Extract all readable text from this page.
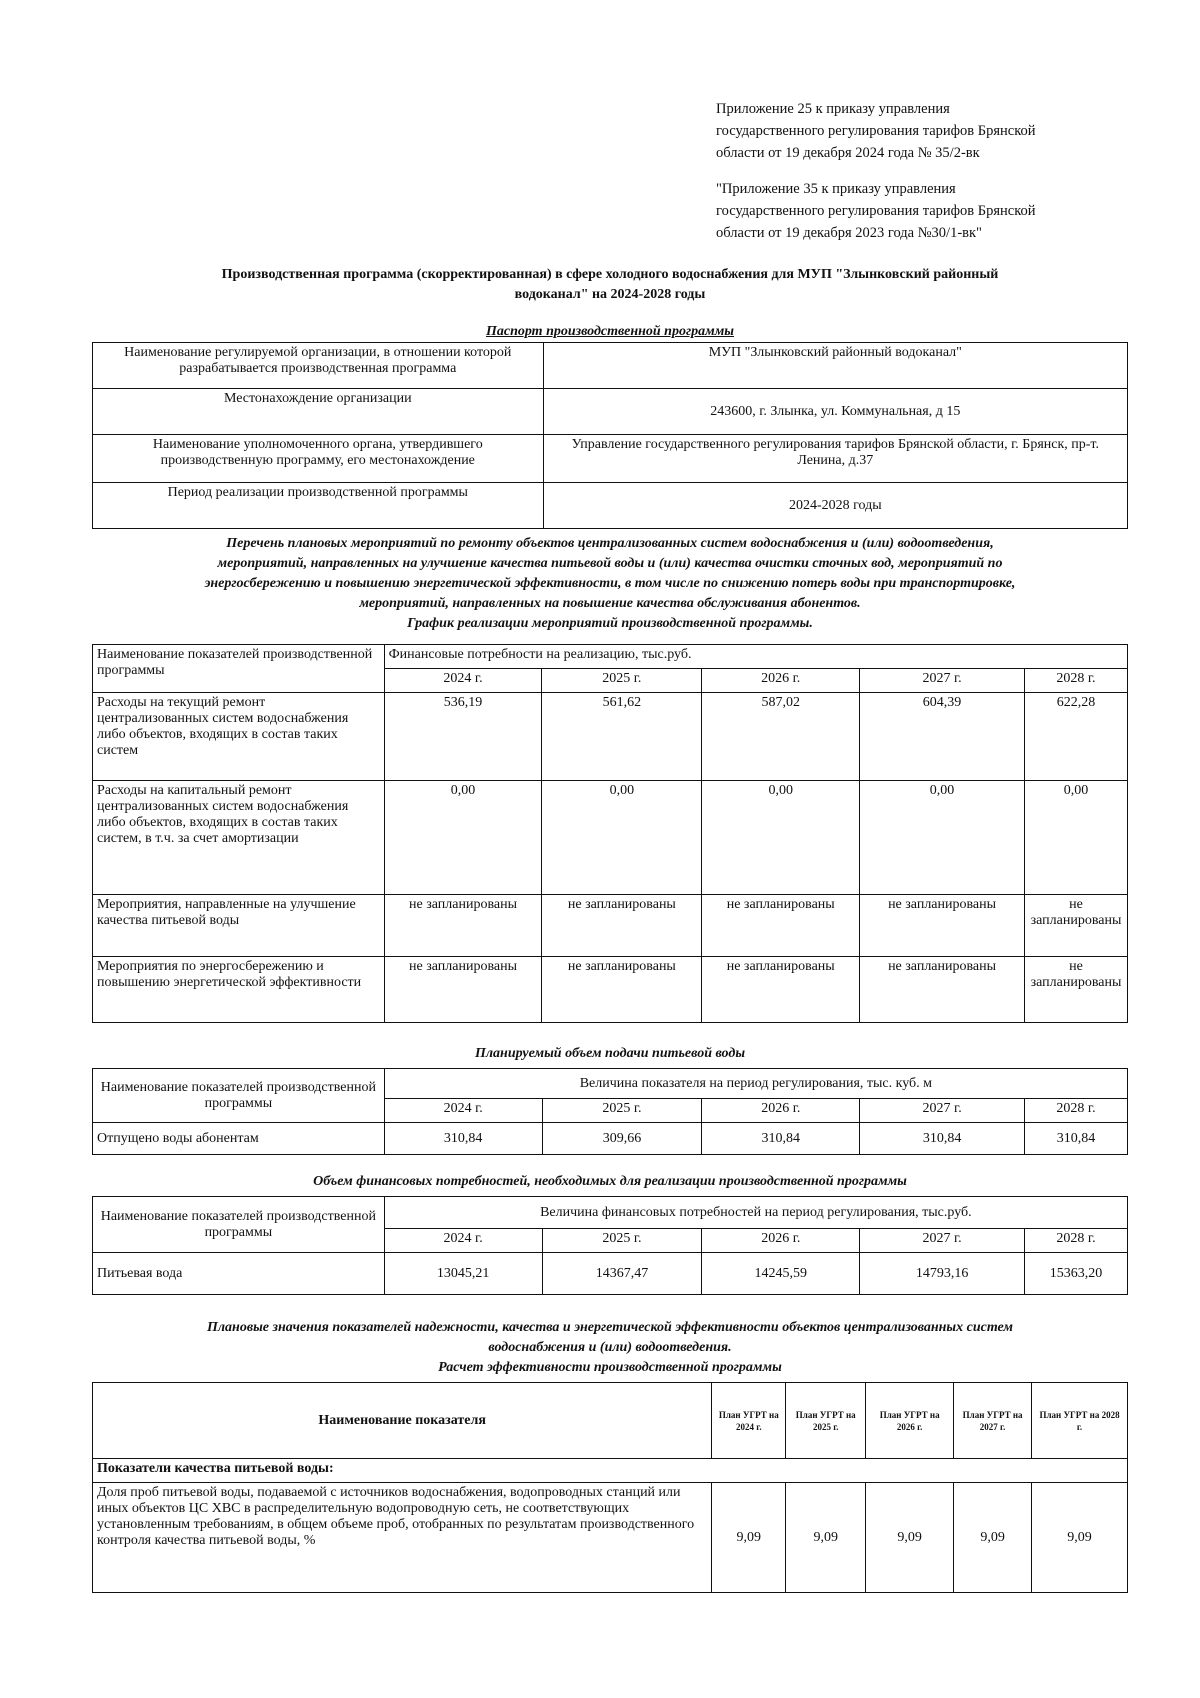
Приложение 25 к приказу управления
государственного регулирования тарифов Брянской
области от 19 декабря 2024 года № 35/2-вк

"Приложение 35 к приказу управления
государственного регулирования тарифов Брянской
области от 19 декабря 2023 года №30/1-вк"

Производственная программа (скорректированная) в сфере холодного водоснабжения для МУП "Злынковский районный
водоканал" на 2024-2028 годы
Паспорт производственной программы
Наименование регулируемой организации, в отношении которой разрабатывается производственная программа	МУП "Злынковский районный водоканал"
Местонахождение организации	243600, г. Злынка, ул. Коммунальная, д 15
Наименование уполномоченного органа, утвердившего производственную программу, его местонахождение	Управление государственного регулирования тарифов Брянской области, г. Брянск, пр-т. Ленина, д.37
Период реализации производственной программы	2024-2028 годы
Перечень плановых мероприятий по ремонту объектов централизованных систем водоснабжения и (или) водоотведения,
мероприятий, направленных на улучшение качества питьевой воды и (или) качества очистки сточных вод, мероприятий по
энергосбережению и повышению энергетической эффективности, в том числе по снижению потерь воды при транспортировке,
мероприятий, направленных на повышение качества обслуживания абонентов.
График реализации мероприятий производственной программы.
Наименование показателей производственной программы	Финансовые потребности на реализацию, тыс.руб.				
	2024 г.	2025 г.	2026 г.	2027 г.	2028 г.
Расходы на текущий ремонт централизованных систем водоснабжения либо объектов, входящих в состав таких систем	536,19	561,62	587,02	604,39	622,28
Расходы на капитальный ремонт централизованных систем водоснабжения либо объектов, входящих в состав таких систем, в т.ч. за счет амортизации	0,00	0,00	0,00	0,00	0,00
Мероприятия, направленные на улучшение качества питьевой воды	не запланированы	не запланированы	не запланированы	не запланированы	не запланированы
Мероприятия по энергосбережению и повышению энергетической эффективности	не запланированы	не запланированы	не запланированы	не запланированы	не запланированы
Планируемый объем подачи питьевой воды
Наименование показателей производственной программы	Величина показателя на период регулирования, тыс. куб. м				
	2024 г.	2025 г.	2026 г.	2027 г.	2028 г.
Отпущено воды абонентам	310,84	309,66	310,84	310,84	310,84
Объем финансовых потребностей, необходимых для реализации производственной программы
Наименование показателей производственной программы	Величина финансовых потребностей на период регулирования, тыс.руб.				
	2024 г.	2025 г.	2026 г.	2027 г.	2028 г.
Питьевая вода	13045,21	14367,47	14245,59	14793,16	15363,20
Плановые значения показателей надежности, качества и энергетической эффективности объектов централизованных систем
водоснабжения и (или) водоотведения.
Расчет эффективности производственной программы
Наименование показателя	План УГРТ на 2024 г.	План УГРТ на 2025 г.	План УГРТ на 2026 г.	План УГРТ на 2027 г.	План УГРТ на 2028 г.
Показатели качества питьевой воды:					
Доля проб питьевой воды, подаваемой с источников водоснабжения, водопроводных станций или иных объектов ЦС ХВС в распределительную водопроводную сеть, не соответствующих установленным требованиям, в общем объеме проб, отобранных по результатам производственного контроля качества питьевой воды, %	9,09	9,09	9,09	9,09	9,09
